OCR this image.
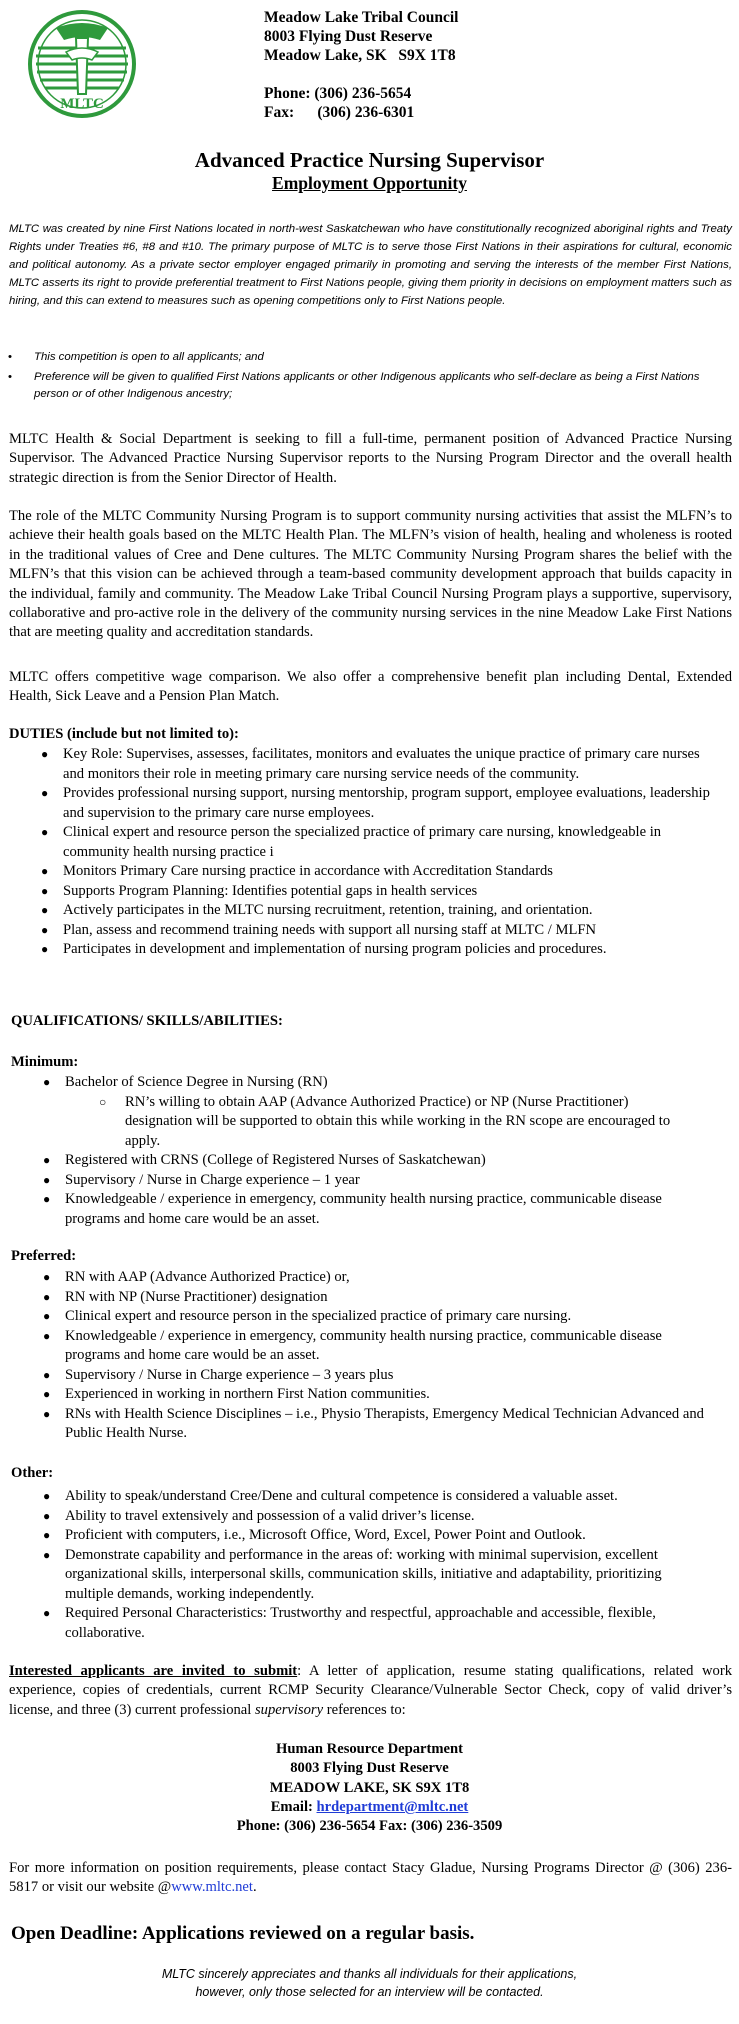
MLTC
Meadow Lake Tribal Council
8003 Flying Dust Reserve
Meadow Lake, SK   S9X 1T8
Phone: (306) 236-5654
Fax:      (306) 236-6301
Advanced Practice Nursing Supervisor
Employment Opportunity
MLTC was created by nine First Nations located in north-west Saskatchewan who have constitutionally recognized aboriginal rights and Treaty Rights under Treaties #6, #8 and #10. The primary purpose of MLTC is to serve those First Nations in their aspirations for cultural, economic and political autonomy. As a private sector employer engaged primarily in promoting and serving the interests of the member First Nations, MLTC asserts its right to provide preferential treatment to First Nations people, giving them priority in decisions on employment matters such as hiring, and this can extend to measures such as opening competitions only to First Nations people.
• This competition is open to all applicants; and
• Preference will be given to qualified First Nations applicants or other Indigenous applicants who self-declare as being a First Nations person or of other Indigenous ancestry;
MLTC Health & Social Department is seeking to fill a full-time, permanent position of Advanced Practice Nursing Supervisor. The Advanced Practice Nursing Supervisor reports to the Nursing Program Director and the overall health strategic direction is from the Senior Director of Health.
The role of the MLTC Community Nursing Program is to support community nursing activities that assist the MLFN’s to achieve their health goals based on the MLTC Health Plan. The MLFN’s vision of health, healing and wholeness is rooted in the traditional values of Cree and Dene cultures. The MLTC Community Nursing Program shares the belief with the MLFN’s that this vision can be achieved through a team-based community development approach that builds capacity in the individual, family and community. The Meadow Lake Tribal Council Nursing Program plays a supportive, supervisory, collaborative and pro-active role in the delivery of the community nursing services in the nine Meadow Lake First Nations that are meeting quality and accreditation standards.
MLTC offers competitive wage comparison. We also offer a comprehensive benefit plan including Dental, Extended Health, Sick Leave and a Pension Plan Match.
DUTIES (include but not limited to):
● Key Role: Supervises, assesses, facilitates, monitors and evaluates the unique practice of primary care nurses and monitors their role in meeting primary care nursing service needs of the community.
● Provides professional nursing support, nursing mentorship, program support, employee evaluations, leadership and supervision to the primary care nurse employees.
● Clinical expert and resource person the specialized practice of primary care nursing, knowledgeable in community health nursing practice i
● Monitors Primary Care nursing practice in accordance with Accreditation Standards
● Supports Program Planning: Identifies potential gaps in health services
● Actively participates in the MLTC nursing recruitment, retention, training, and orientation.
● Plan, assess and recommend training needs with support all nursing staff at MLTC / MLFN
● Participates in development and implementation of nursing program policies and procedures.
QUALIFICATIONS/ SKILLS/ABILITIES:
Minimum:
● Bachelor of Science Degree in Nursing (RN)
○ RN’s willing to obtain AAP (Advance Authorized Practice) or NP (Nurse Practitioner) designation will be supported to obtain this while working in the RN scope are encouraged to apply.
● Registered with CRNS (College of Registered Nurses of Saskatchewan)
● Supervisory / Nurse in Charge experience – 1 year
● Knowledgeable / experience in emergency, community health nursing practice, communicable disease programs and home care would be an asset.
Preferred:
● RN with AAP (Advance Authorized Practice) or,
● RN with NP (Nurse Practitioner) designation
● Clinical expert and resource person in the specialized practice of primary care nursing.
● Knowledgeable / experience in emergency, community health nursing practice, communicable disease programs and home care would be an asset.
● Supervisory / Nurse in Charge experience – 3 years plus
● Experienced in working in northern First Nation communities.
● RNs with Health Science Disciplines – i.e., Physio Therapists, Emergency Medical Technician Advanced and Public Health Nurse.
Other:
● Ability to speak/understand Cree/Dene and cultural competence is considered a valuable asset.
● Ability to travel extensively and possession of a valid driver’s license.
● Proficient with computers, i.e., Microsoft Office, Word, Excel, Power Point and Outlook.
● Demonstrate capability and performance in the areas of: working with minimal supervision, excellent organizational skills, interpersonal skills, communication skills, initiative and adaptability, prioritizing multiple demands, working independently.
● Required Personal Characteristics: Trustworthy and respectful, approachable and accessible, flexible, collaborative.
Interested applicants are invited to submit: A letter of application, resume stating qualifications, related work experience, copies of credentials, current RCMP Security Clearance/Vulnerable Sector Check, copy of valid driver’s license, and three (3) current professional supervisory references to:
Human Resource Department
8003 Flying Dust Reserve
MEADOW LAKE, SK S9X 1T8
Email: hrdepartment@mltc.net
Phone: (306) 236-5654 Fax: (306) 236-3509
For more information on position requirements, please contact Stacy Gladue, Nursing Programs Director @ (306) 236-5817 or visit our website @www.mltc.net.
Open Deadline: Applications reviewed on a regular basis.
MLTC sincerely appreciates and thanks all individuals for their applications,
however, only those selected for an interview will be contacted.
